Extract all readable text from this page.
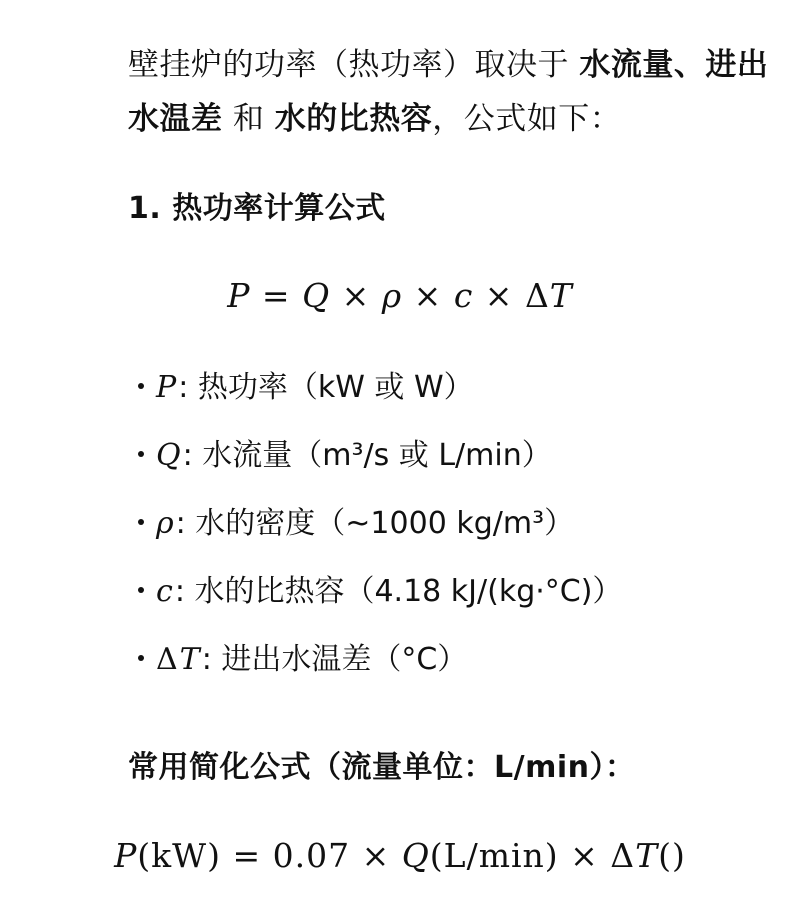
壁挂炉的功率（热功率）取决于 水流量、进出水温差 和 水的比热容，公式如下：

1. 热功率计算公式
P = Q × ρ × c × ΔT
P: 热功率（kW 或 W）
Q: 水流量（m³/s 或 L/min）
ρ: 水的密度（~1000 kg/m³）
c: 水的比热容（4.18 kJ/(kg·°C)）
ΔT: 进出水温差（°C）
常用简化公式（流量单位：L/min）：
P(kW) = 0.07 × Q(L/min) × ΔT()
